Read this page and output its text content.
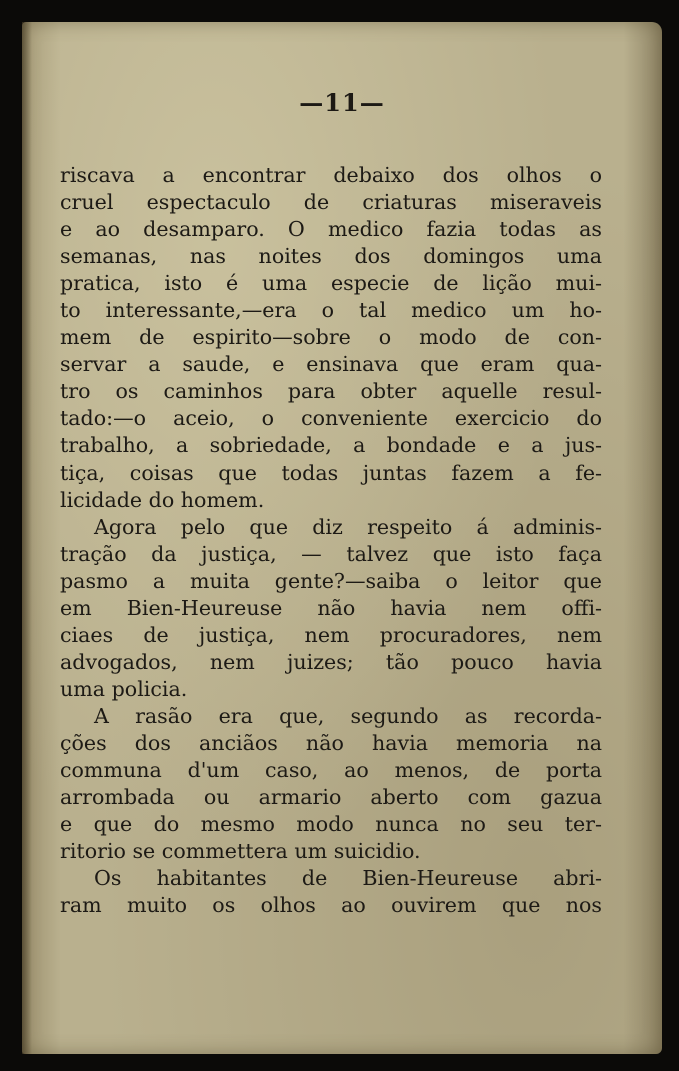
—11—
riscava a encontrar debaixo dos olhos o
cruel espectaculo de criaturas miseraveis
e ao desamparo. O medico fazia todas as
semanas, nas noites dos domingos uma
pratica, isto é uma especie de lição mui-
to interessante,—era o tal medico um ho-
mem de espirito—sobre o modo de con-
servar a saude, e ensinava que eram qua-
tro os caminhos para obter aquelle resul-
tado:—o aceio, o conveniente exercicio do
trabalho, a sobriedade, a bondade e a jus-
tiça, coisas que todas juntas fazem a fe-
licidade do homem.
Agora pelo que diz respeito á adminis-
tração da justiça, — talvez que isto faça
pasmo a muita gente?—saiba o leitor que
em Bien-Heureuse não havia nem offi-
ciaes de justiça, nem procuradores, nem
advogados, nem juizes; tão pouco havia
uma policia.
A rasão era que, segundo as recorda-
ções dos anciãos não havia memoria na
communa d'um caso, ao menos, de porta
arrombada ou armario aberto com gazua
e que do mesmo modo nunca no seu ter-
ritorio se commettera um suicidio.
Os habitantes de Bien-Heureuse abri-
ram muito os olhos ao ouvirem que nos
